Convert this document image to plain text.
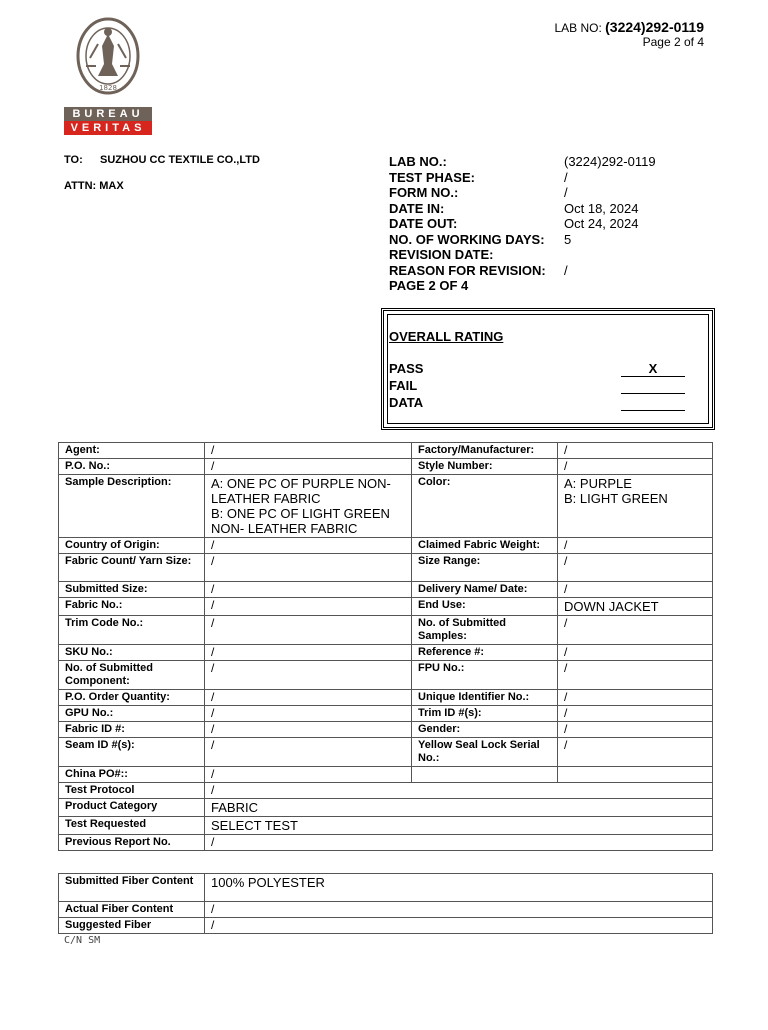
LAB NO: (3224)292-0119
Page 2 of 4
1828
BUREAU
VERITAS
TO: SUZHOU CC TEXTILE CO.,LTD
ATTN: MAX
LAB NO.:	(3224)292-0119
TEST PHASE:	/
FORM NO.:	/
DATE IN:	Oct 18, 2024
DATE OUT:	Oct 24, 2024
NO. OF WORKING DAYS: 5
REVISION DATE:
REASON FOR REVISION: /
PAGE 2 OF 4
OVERALL RATING
PASS	X
FAIL
DATA
Agent:	/	Factory/Manufacturer:	/
P.O. No.:	/	Style Number:	/
Sample Description:	A: ONE PC OF PURPLE NON-LEATHER FABRIC
B: ONE PC OF LIGHT GREEN NON- LEATHER FABRIC	Color:	A: PURPLE
B: LIGHT GREEN
Country of Origin:	/	Claimed Fabric Weight:	/
Fabric Count/ Yarn Size:	/	Size Range:	/
Submitted Size:	/	Delivery Name/ Date:	/
Fabric No.:	/	End Use:	DOWN JACKET
Trim Code No.:	/	No. of Submitted Samples:	/
SKU No.:	/	Reference #:	/
No. of Submitted Component:	/	FPU No.:	/
P.O. Order Quantity:	/	Unique Identifier No.:	/
GPU No.:	/	Trim ID #(s):	/
Fabric ID #:	/	Gender:	/
Seam ID #(s):	/	Yellow Seal Lock Serial No.:	/
China PO#::	/		
Test Protocol	/
Product Category	FABRIC
Test Requested	SELECT TEST
Previous Report No.	/
Submitted Fiber Content	100% POLYESTER
Actual Fiber Content	/
Suggested Fiber	/
C/N SM
